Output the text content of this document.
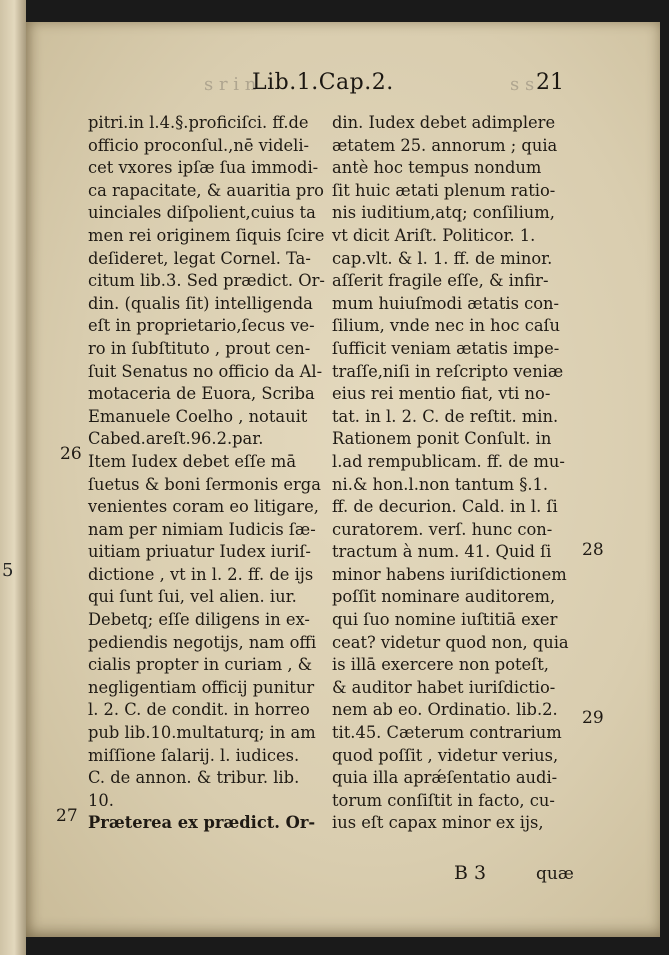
5
s r i n
Lib.1.Cap.2.	s s 21
pitri.in l.4.§.proficiſci. ff.de
officio proconſul.,nē videli-
cet vxores ipſæ ſua immodi-
ca rapacitate, & auaritia pro
uinciales diſpolient,cuius ta
men rei originem ſiquis ſcire
deſideret, legat Cornel. Ta-
citum lib.3. Sed prædict. Or-
din. (qualis ſit) intelligenda
eſt in proprietario,ſecus ve-
ro in ſubſtituto , prout cen-
ſuit Senatus no officio da Al-
motaceria de Euora, Scriba
Emanuele Coelho , notauit
Cabed.areſt.96.2.par.
Item Iudex debet eſſe mā
ſuetus & boni ſermonis erga
venientes coram eo litigare,
nam per nimiam Iudicis ſæ-
uitiam priuatur Iudex iuriſ-
dictione , vt in l. 2. ff. de ijs
qui ſunt ſui, vel alien. iur.
Debetq; eſſe diligens in ex-
pediendis negotijs, nam offi
cialis propter in curiam , &
negligentiam officij punitur
l. 2. C. de condit. in horreo
pub lib.10.multaturq; in am
miſſione ſalarij. l. iudices.
C. de annon. & tribur. lib.
10.
Præterea ex prædict. Or-
din. Iudex debet adimplere
ætatem 25. annorum ; quia
antè hoc tempus nondum
ſit huic ætati plenum ratio-
nis iuditium,atq; conſilium,
vt dicit Ariſt. Politicor. 1.
cap.vlt. & l. 1. ff. de minor.
aſſerit fragile eſſe, & infir-
mum huiuſmodi ætatis con-
ſilium, vnde nec in hoc caſu
ſufficit veniam ætatis impe-
traſſe,niſi in reſcripto veniæ
eius rei mentio fiat, vti no-
tat. in l. 2. C. de reſtit. min.
Rationem ponit Conſult. in
l.ad rempublicam. ff. de mu-
ni.& hon.l.non tantum §.1.
ff. de decurion. Cald. in l. ſi
curatorem. verſ. hunc con-
tractum à num. 41. Quid ſi
minor habens iuriſdictionem
poſſit nominare auditorem,
qui ſuo nomine iuſtitiā exer
ceat? videtur quod non, quia
is illā exercere non poteſt,
& auditor habet iuriſdictio-
nem ab eo. Ordinatio. lib.2.
tit.45. Cæterum contrarium
quod poſſit , videtur verius,
quia illa aprǽſentatio audi-
torum conſiſtit in facto, cu-
ius eſt capax minor ex ijs,
26
27
28
29
B 3	quæ
